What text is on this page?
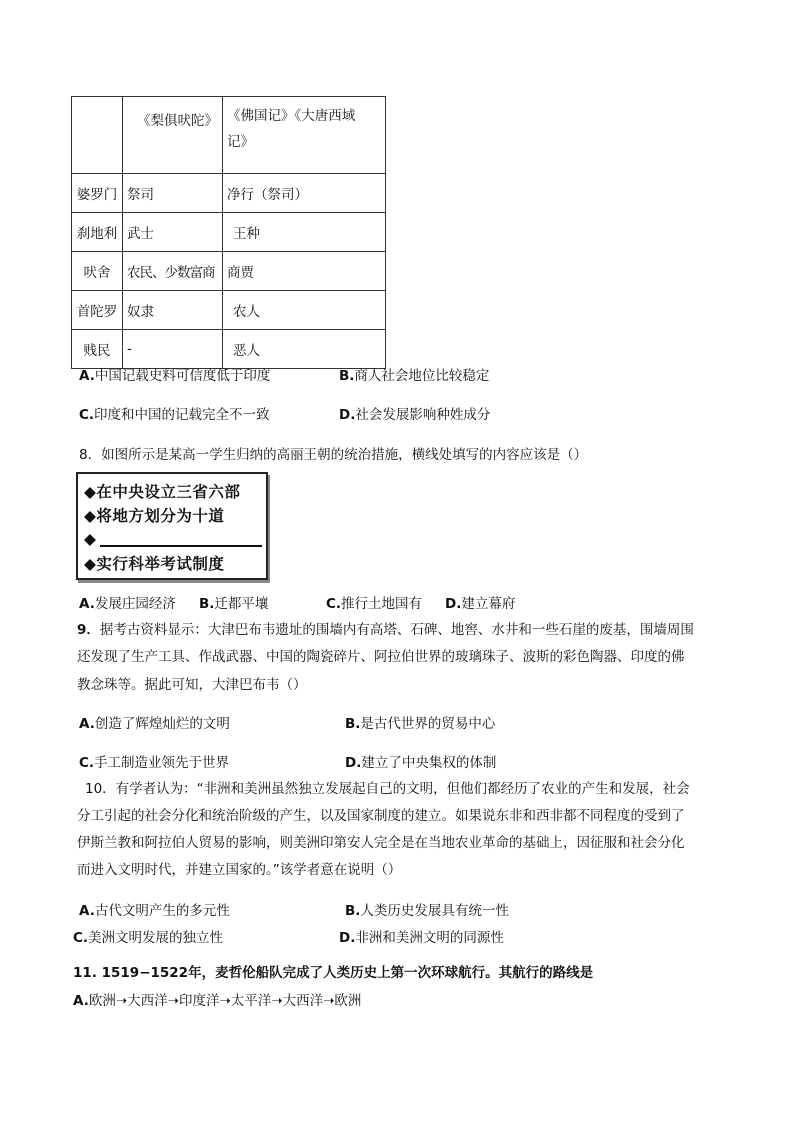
	《梨俱吠陀》	《佛国记》《大唐西域
记》

婆罗门	祭司	净行（祭司）
刹地利	武士	王种
吠舍	农民、少数富商	商贾
首陀罗	奴隶	农人
贱民	-	恶人
A.中国记载史料可信度低于印度	B.商人社会地位比较稳定
C.印度和中国的记载完全不一致	D.社会发展影响种姓成分
8．如图所示是某高一学生归纳的高丽王朝的统治措施，横线处填写的内容应该是（）
◆在中央设立三省六部
◆将地方划分为十道
◆
◆实行科举考试制度
A.发展庄园经济 B.迁都平壤	C.推行土地国有 D.建立幕府
9．据考古资料显示：大津巴布韦遗址的围墙内有高塔、石碑、地窖、水井和一些石崖的废基，围墙周围
还发现了生产工具、作战武器、中国的陶瓷碎片、阿拉伯世界的玻璃珠子、波斯的彩色陶器、印度的佛
教念珠等。据此可知，大津巴布韦（）
A.创造了辉煌灿烂的文明	B.是古代世界的贸易中心
C.手工制造业领先于世界	D.建立了中央集权的体制
10．有学者认为：“非洲和美洲虽然独立发展起自己的文明，但他们都经历了农业的产生和发展，社会
分工引起的社会分化和统治阶级的产生，以及国家制度的建立。如果说东非和西非都不同程度的受到了
伊斯兰教和阿拉伯人贸易的影响，则美洲印第安人完全是在当地农业革命的基础上，因征服和社会分化
而进入文明时代，并建立国家的。”该学者意在说明（）
A.古代文明产生的多元性	B.人类历史发展具有统一性
C.美洲文明发展的独立性	D.非洲和美洲文明的同源性
11. 1519−1522年，麦哲伦船队完成了人类历史上第一次环球航行。其航行的路线是
A.欧洲➝大西洋➝印度洋➝太平洋➝大西洋➝欧洲
